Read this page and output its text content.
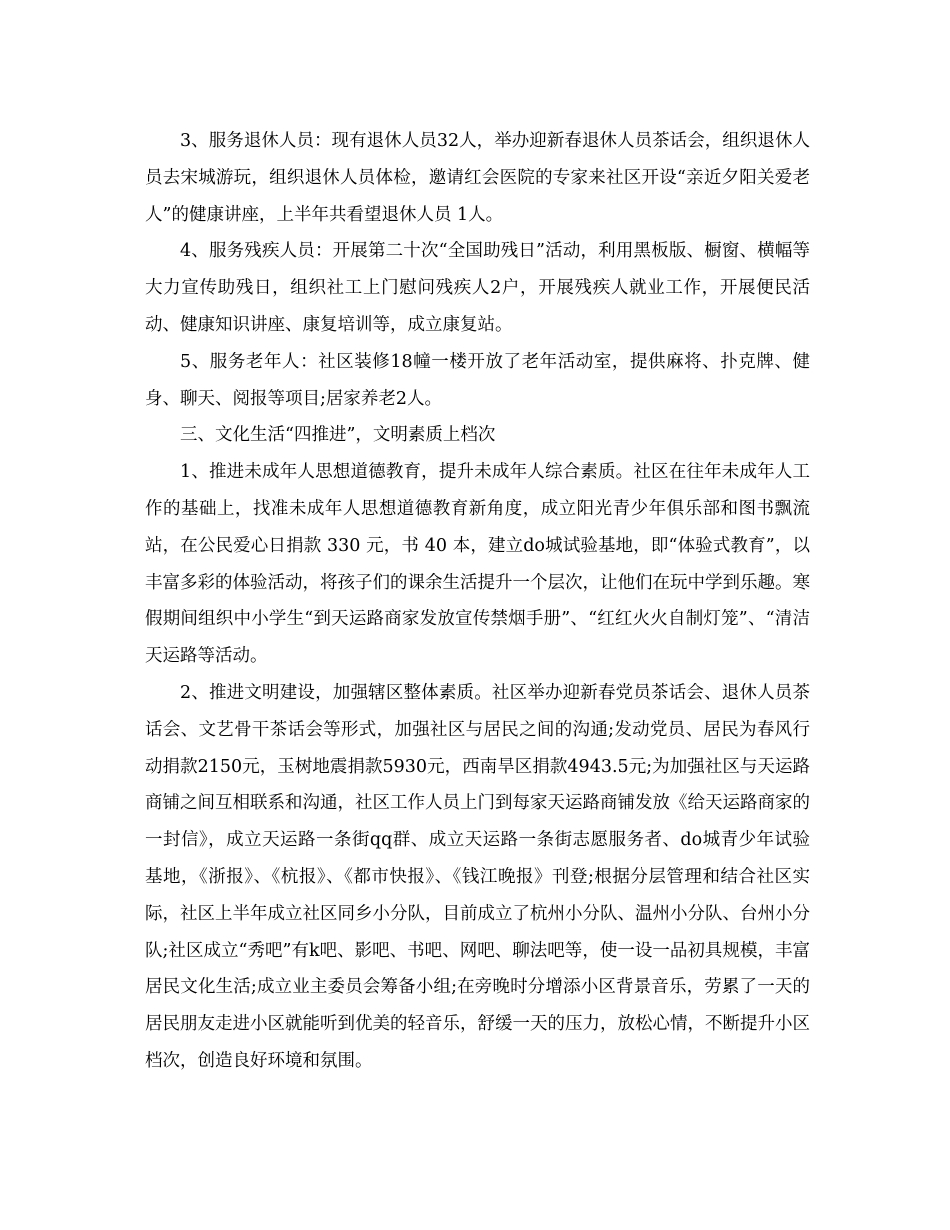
3、服务退休人员：现有退休人员32人，举办迎新春退休人员茶话会，组织退休人员去宋城游玩，组织退休人员体检，邀请红会医院的专家来社区开设“亲近夕阳关爱老人”的健康讲座，上半年共看望退休人员 1人。

4、服务残疾人员：开展第二十次“全国助残日”活动，利用黑板版、橱窗、横幅等大力宣传助残日，组织社工上门慰问残疾人2户，开展残疾人就业工作，开展便民活动、健康知识讲座、康复培训等，成立康复站。

5、服务老年人：社区装修18幢一楼开放了老年活动室，提供麻将、扑克牌、健身、聊天、阅报等项目;居家养老2人。

三、文化生活“四推进”，文明素质上档次

1、推进未成年人思想道德教育，提升未成年人综合素质。社区在往年未成年人工作的基础上，找准未成年人思想道德教育新角度，成立阳光青少年俱乐部和图书飘流站，在公民爱心日捐款 330 元，书 40 本，建立do城试验基地，即“体验式教育”，以丰富多彩的体验活动，将孩子们的课余生活提升一个层次，让他们在玩中学到乐趣。寒假期间组织中小学生“到天运路商家发放宣传禁烟手册”、“红红火火自制灯笼”、“清洁天运路等活动。

2、推进文明建设，加强辖区整体素质。社区举办迎新春党员茶话会、退休人员茶话会、文艺骨干茶话会等形式，加强社区与居民之间的沟通;发动党员、居民为春风行动捐款2150元，玉树地震捐款5930元，西南旱区捐款4943.5元;为加强社区与天运路商铺之间互相联系和沟通，社区工作人员上门到每家天运路商铺发放《给天运路商家的一封信》，成立天运路一条街qq群、成立天运路一条街志愿服务者、do城青少年试验基地，《浙报》、《杭报》、《都市快报》、《钱江晚报》刊登;根据分层管理和结合社区实际，社区上半年成立社区同乡小分队，目前成立了杭州小分队、温州小分队、台州小分队;社区成立“秀吧”有k吧、影吧、书吧、网吧、聊法吧等，使一设一品初具规模，丰富居民文化生活;成立业主委员会筹备小组;在旁晚时分增添小区背景音乐，劳累了一天的居民朋友走进小区就能听到优美的轻音乐，舒缓一天的压力，放松心情，不断提升小区档次，创造良好环境和氛围。
